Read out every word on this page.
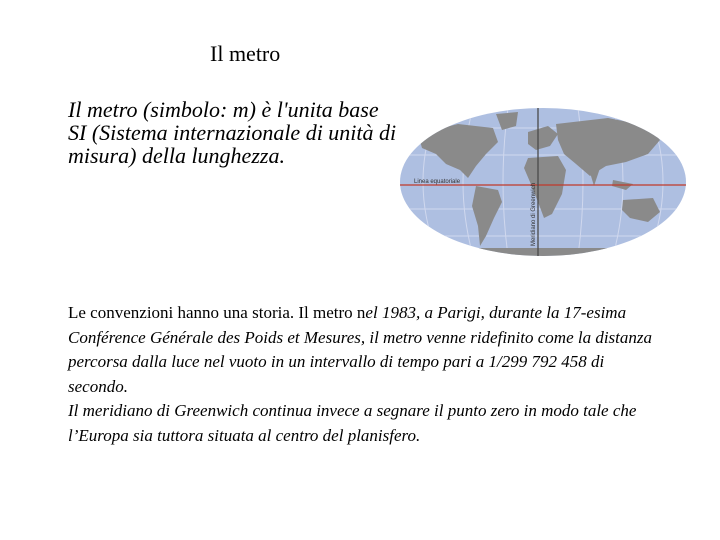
Il metro
Il metro (simbolo: m) è l'unita base SI (Sistema internazionale di unità di misura) della lunghezza.
Linea equatoriale
Meridiano di Greenwich
Le convenzioni hanno una storia. Il metro nel 1983, a Parigi, durante la 17-esima Conférence Générale des Poids et Mesures, il metro venne ridefinito come la distanza percorsa dalla luce nel vuoto in un intervallo di tempo pari a 1/299 792 458 di secondo.
Il meridiano di Greenwich continua invece a segnare il punto zero in modo tale che l’Europa sia tuttora situata al centro del planisfero.
